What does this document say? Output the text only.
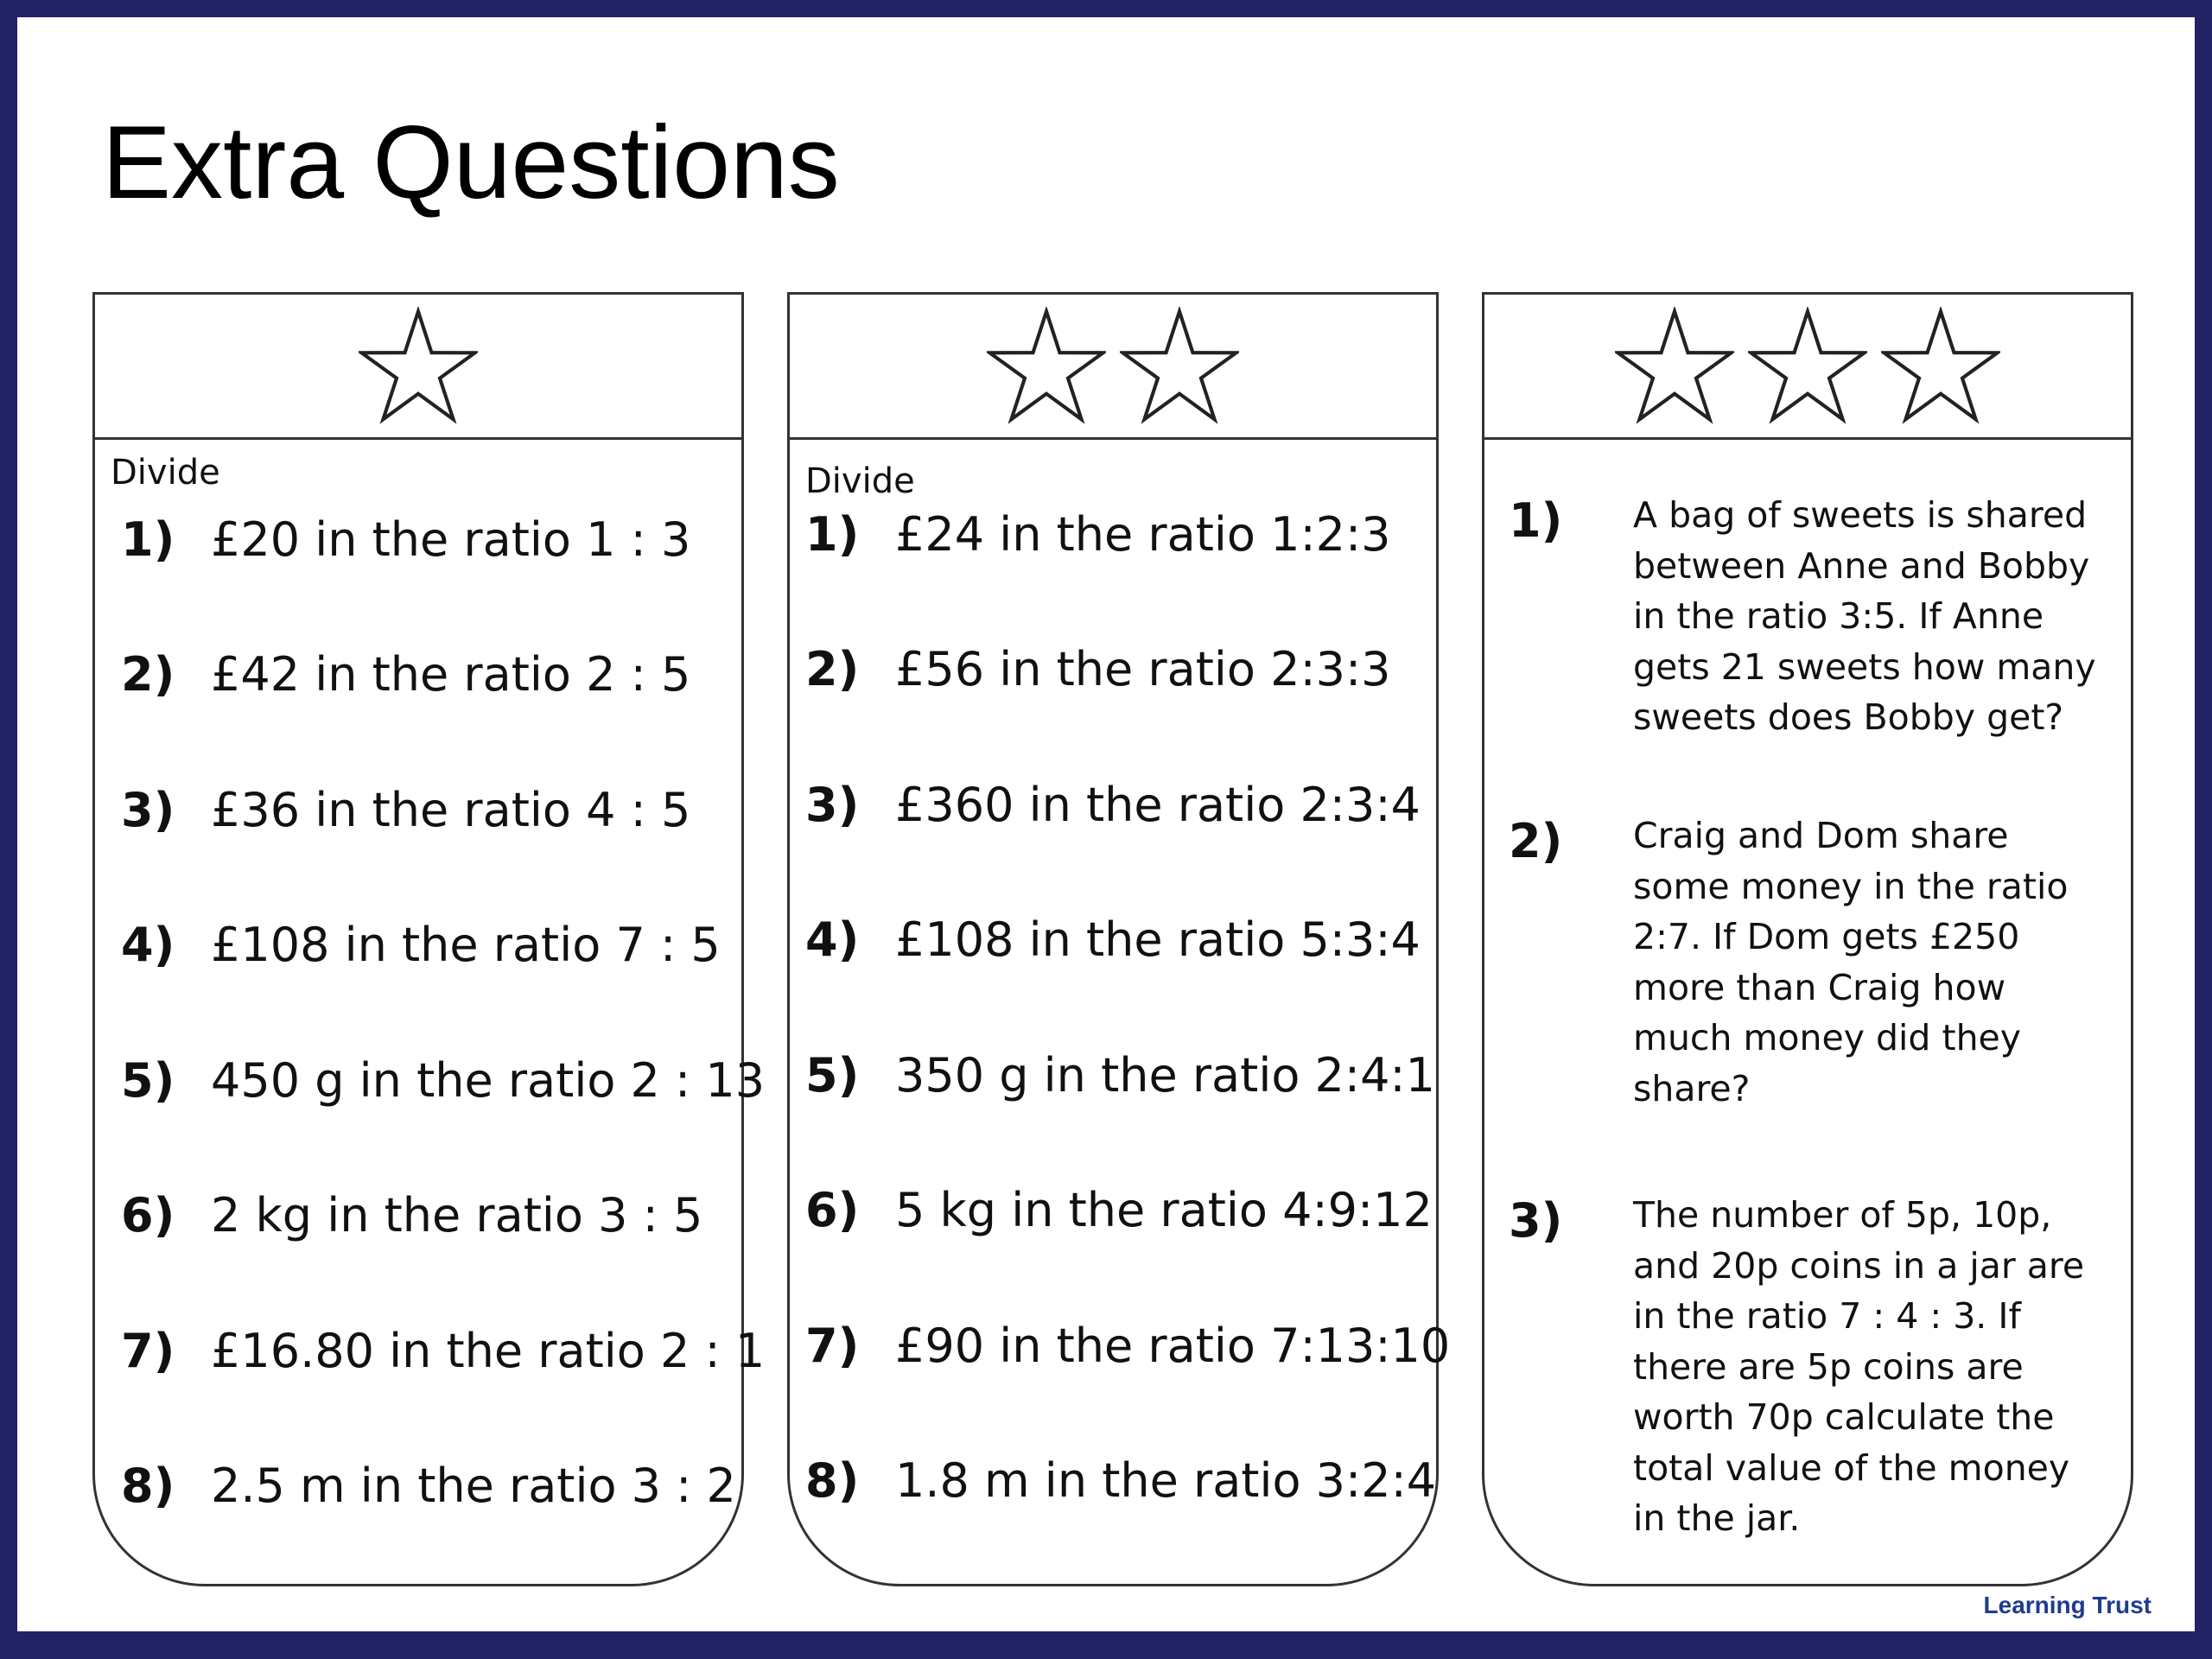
Extra Questions
Divide
1) £20 in the ratio 1 : 3
2) £42 in the ratio 2 : 5
3) £36 in the ratio 4 : 5
4) £108 in the ratio 7 : 5
5) 450 g in the ratio 2 : 13
6) 2 kg in the ratio 3 : 5
7) £16.80 in the ratio 2 : 1
8) 2.5 m in the ratio 3 : 2
Divide
1) £24 in the ratio 1:2:3
2) £56 in the ratio 2:3:3
3) £360 in the ratio 2:3:4
4) £108 in the ratio 5:3:4
5) 350 g in the ratio 2:4:1
6) 5 kg in the ratio 4:9:12
7) £90 in the ratio 7:13:10
8) 1.8 m in the ratio 3:2:4
1) A bag of sweets is shared between Anne and Bobby in the ratio 3:5. If Anne gets 21 sweets how many sweets does Bobby get?
2) Craig and Dom share some money in the ratio 2:7. If Dom gets £250 more than Craig how much money did they share?
3) The number of 5p, 10p, and 20p coins in a jar are in the ratio 7 : 4 : 3. If there are 5p coins are worth 70p calculate the total value of the money in the jar.
Learning Trust
